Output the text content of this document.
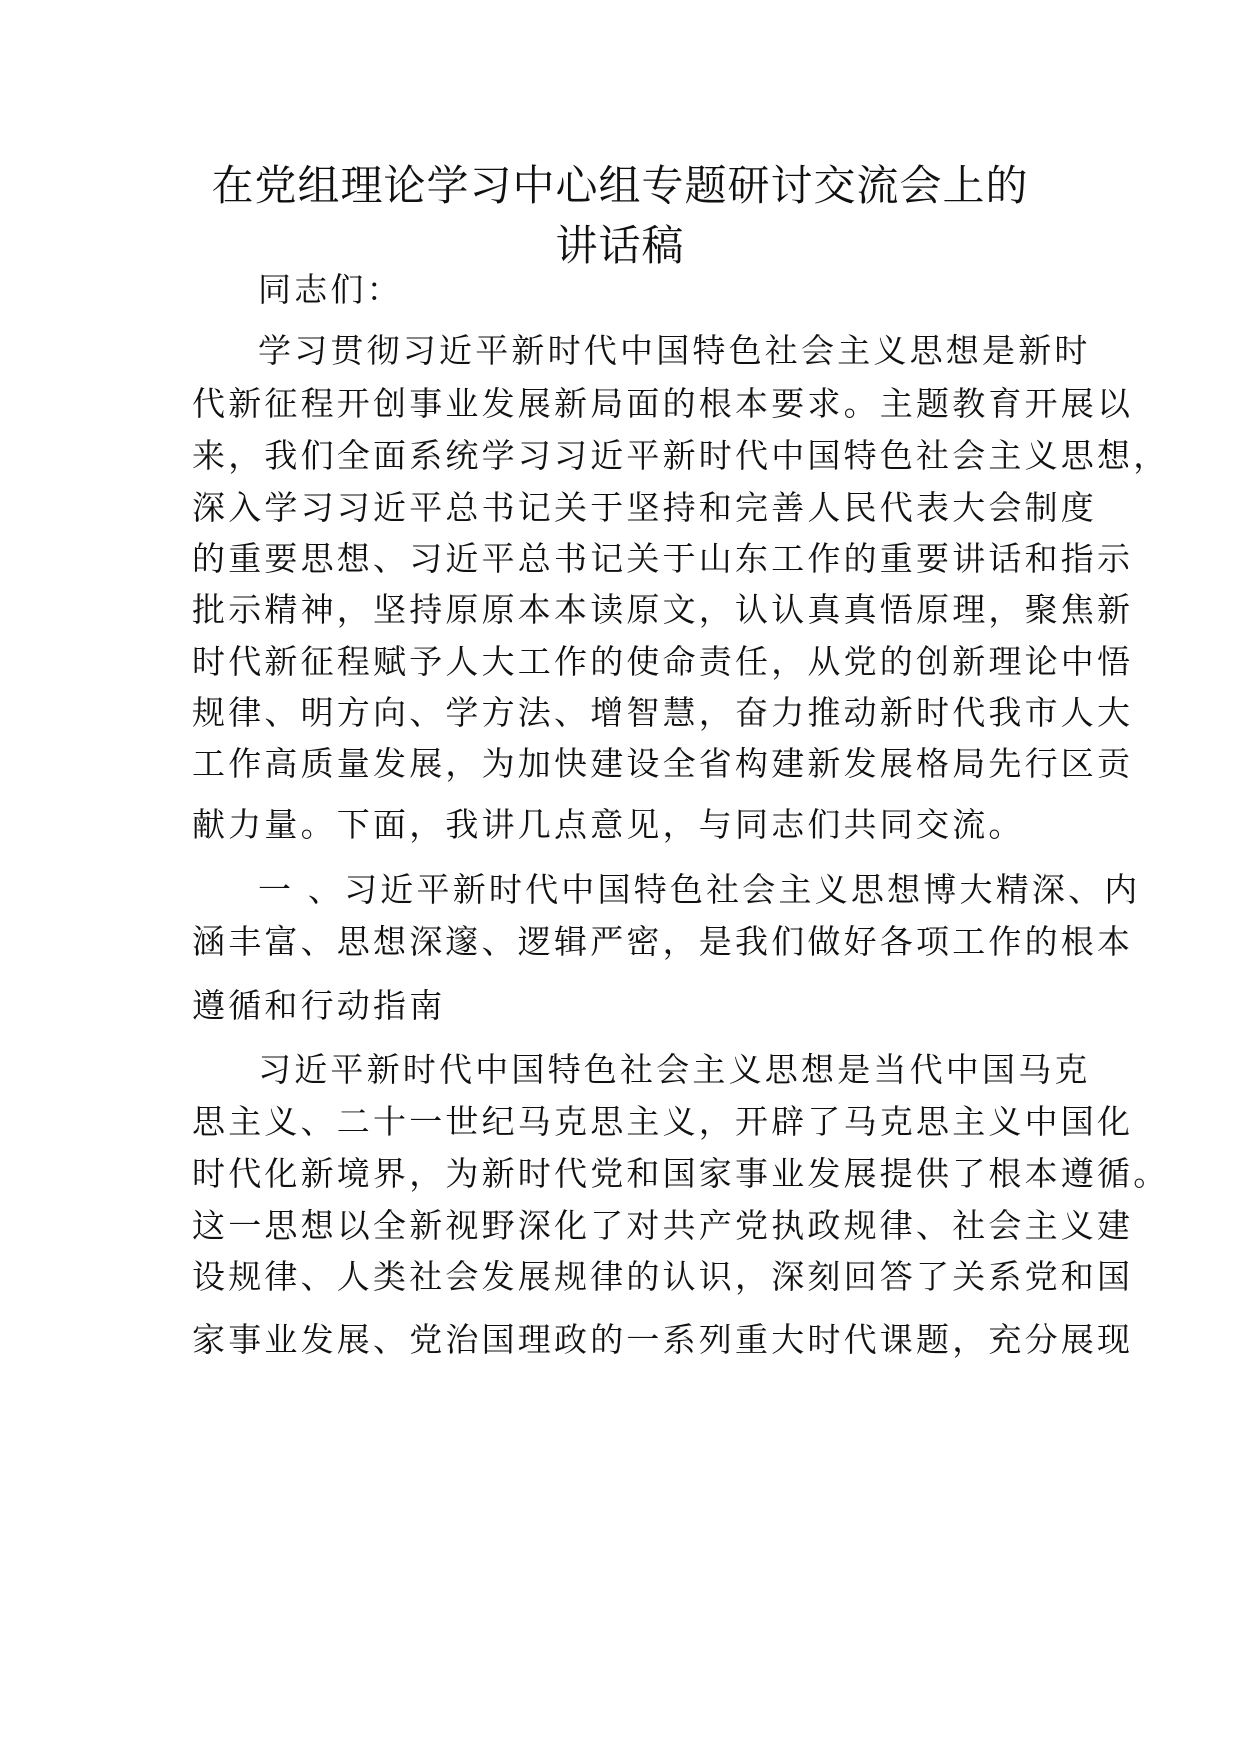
在党组理论学习中心组专题研讨交流会上的
讲话稿
同志们：
学习贯彻习近平新时代中国特色社会主义思想是新时
代新征程开创事业发展新局面的根本要求。主题教育开展以
来，我们全面系统学习习近平新时代中国特色社会主义思想，
深入学习习近平总书记关于坚持和完善人民代表大会制度
的重要思想、习近平总书记关于山东工作的重要讲话和指示
批示精神，坚持原原本本读原文，认认真真悟原理，聚焦新
时代新征程赋予人大工作的使命责任，从党的创新理论中悟
规律、明方向、学方法、增智慧，奋力推动新时代我市人大
工作高质量发展，为加快建设全省构建新发展格局先行区贡
献力量。下面，我讲几点意见，与同志们共同交流。
一 、习近平新时代中国特色社会主义思想博大精深、内
涵丰富、思想深邃、逻辑严密，是我们做好各项工作的根本
遵循和行动指南
习近平新时代中国特色社会主义思想是当代中国马克
思主义、二十一世纪马克思主义，开辟了马克思主义中国化
时代化新境界，为新时代党和国家事业发展提供了根本遵循。
这一思想以全新视野深化了对共产党执政规律、社会主义建
设规律、人类社会发展规律的认识，深刻回答了关系党和国
家事业发展、党治国理政的一系列重大时代课题，充分展现
